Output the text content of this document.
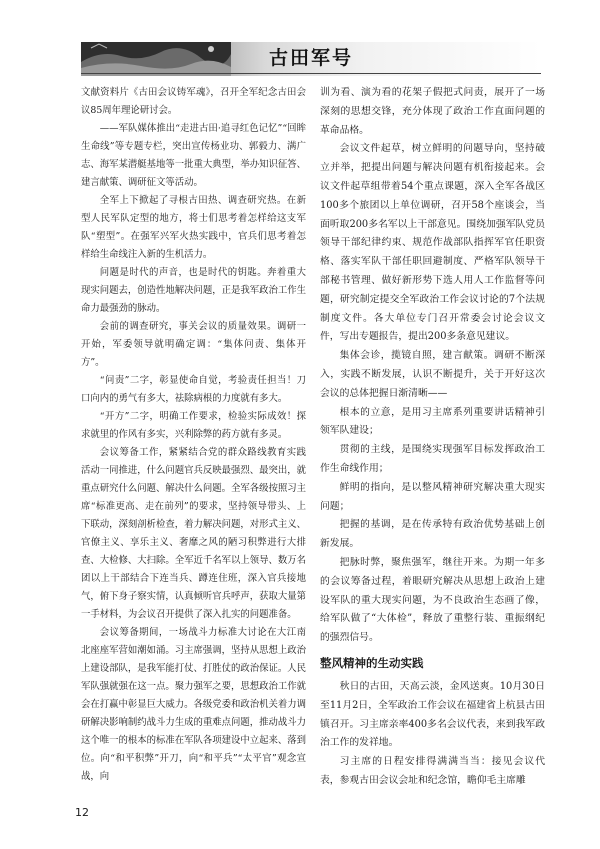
古田军号

文献资料片《古田会议铸军魂》，召开全军纪念古田会议85周年理论研讨会。

——军队媒体推出“走进古田·追寻红色记忆”“回眸生命线”等专题专栏，突出宣传杨业功、郭毅力、满广志、海军某潜艇基地等一批重大典型，举办知识征答、建言献策、调研征文等活动。

全军上下掀起了寻根古田热、调查研究热。在新型人民军队定型的地方，将士们思考着怎样给这支军队“塑型”。在强军兴军火热实践中，官兵们思考着怎样给生命线注入新的生机活力。

问题是时代的声音，也是时代的钥匙。奔着重大现实问题去，创造性地解决问题，正是我军政治工作生命力最强劲的脉动。

会前的调查研究，事关会议的质量效果。调研一开始，军委领导就明确定调：“集体问责、集体开方”。

“问责”二字，彰显使命自觉，考验责任担当！刀口向内的勇气有多大，祛除病根的力度就有多大。

“开方”二字，明确工作要求，检验实际成效！探求就里的作风有多实，兴利除弊的药方就有多灵。

会议筹备工作，紧紧结合党的群众路线教育实践活动一同推进，什么问题官兵反映最强烈、最突出，就重点研究什么问题、解决什么问题。全军各级按照习主席“标准更高、走在前列”的要求，坚持领导带头、上下联动，深刻剖析检查，着力解决问题，对形式主义、官僚主义、享乐主义、奢靡之风的陋习积弊进行大排查、大检修、大扫除。全军近千名军以上领导、数万名团以上干部结合下连当兵、蹲连住班，深入官兵接地气，俯下身子察实情，认真倾听官兵呼声，获取大量第一手材料，为会议召开提供了深入扎实的问题准备。

会议筹备期间，一场战斗力标准大讨论在大江南北座座军营如潮如涌。习主席强调，坚持从思想上政治上建设部队，是我军能打仗、打胜仗的政治保证。人民军队强就强在这一点。聚力强军之要，思想政治工作就会在打赢中彰显巨大威力。各级党委和政治机关着力调研解决影响制约战斗力生成的重难点问题，推动战斗力这个唯一的根本的标准在军队各项建设中立起来、落到位。向“和平积弊”开刀，向“和平兵”“太平官”观念宣战，向

训为看、演为看的花架子假把式问责，展开了一场深刻的思想交锋，充分体现了政治工作直面问题的革命品格。

会议文件起草，树立鲜明的问题导向，坚持破立并举，把提出问题与解决问题有机衔接起来。会议文件起草组带着54个重点课题，深入全军各战区100多个旅团以上单位调研，召开58个座谈会，当面听取200多名军以上干部意见。围绕加强军队党员领导干部纪律约束、规范作战部队指挥军官任职资格、落实军队干部任职回避制度、严格军队领导干部秘书管理、做好新形势下选人用人工作监督等问题，研究制定提交全军政治工作会议讨论的7个法规制度文件。各大单位专门召开常委会讨论会议文件，写出专题报告，提出200多条意见建议。

集体会诊，揽镜自照，建言献策。调研不断深入，实践不断发展，认识不断提升，关于开好这次会议的总体把握日渐清晰——

根本的立意，是用习主席系列重要讲话精神引领军队建设；

贯彻的主线，是围绕实现强军目标发挥政治工作生命线作用；

鲜明的指向，是以整风精神研究解决重大现实问题；

把握的基调，是在传承特有政治优势基础上创新发展。

把脉时弊，聚焦强军，继往开来。为期一年多的会议筹备过程，着眼研究解决从思想上政治上建设军队的重大现实问题，为不良政治生态画了像，给军队做了“大体检”，释放了重整行装、重振纲纪的强烈信号。

整风精神的生动实践

秋日的古田，天高云淡，金风送爽。10月30日至11月2日，全军政治工作会议在福建省上杭县古田镇召开。习主席亲率400多名会议代表，来到我军政治工作的发祥地。

习主席的日程安排得满满当当：接见会议代表，参观古田会议会址和纪念馆，瞻仰毛主席雕

12
